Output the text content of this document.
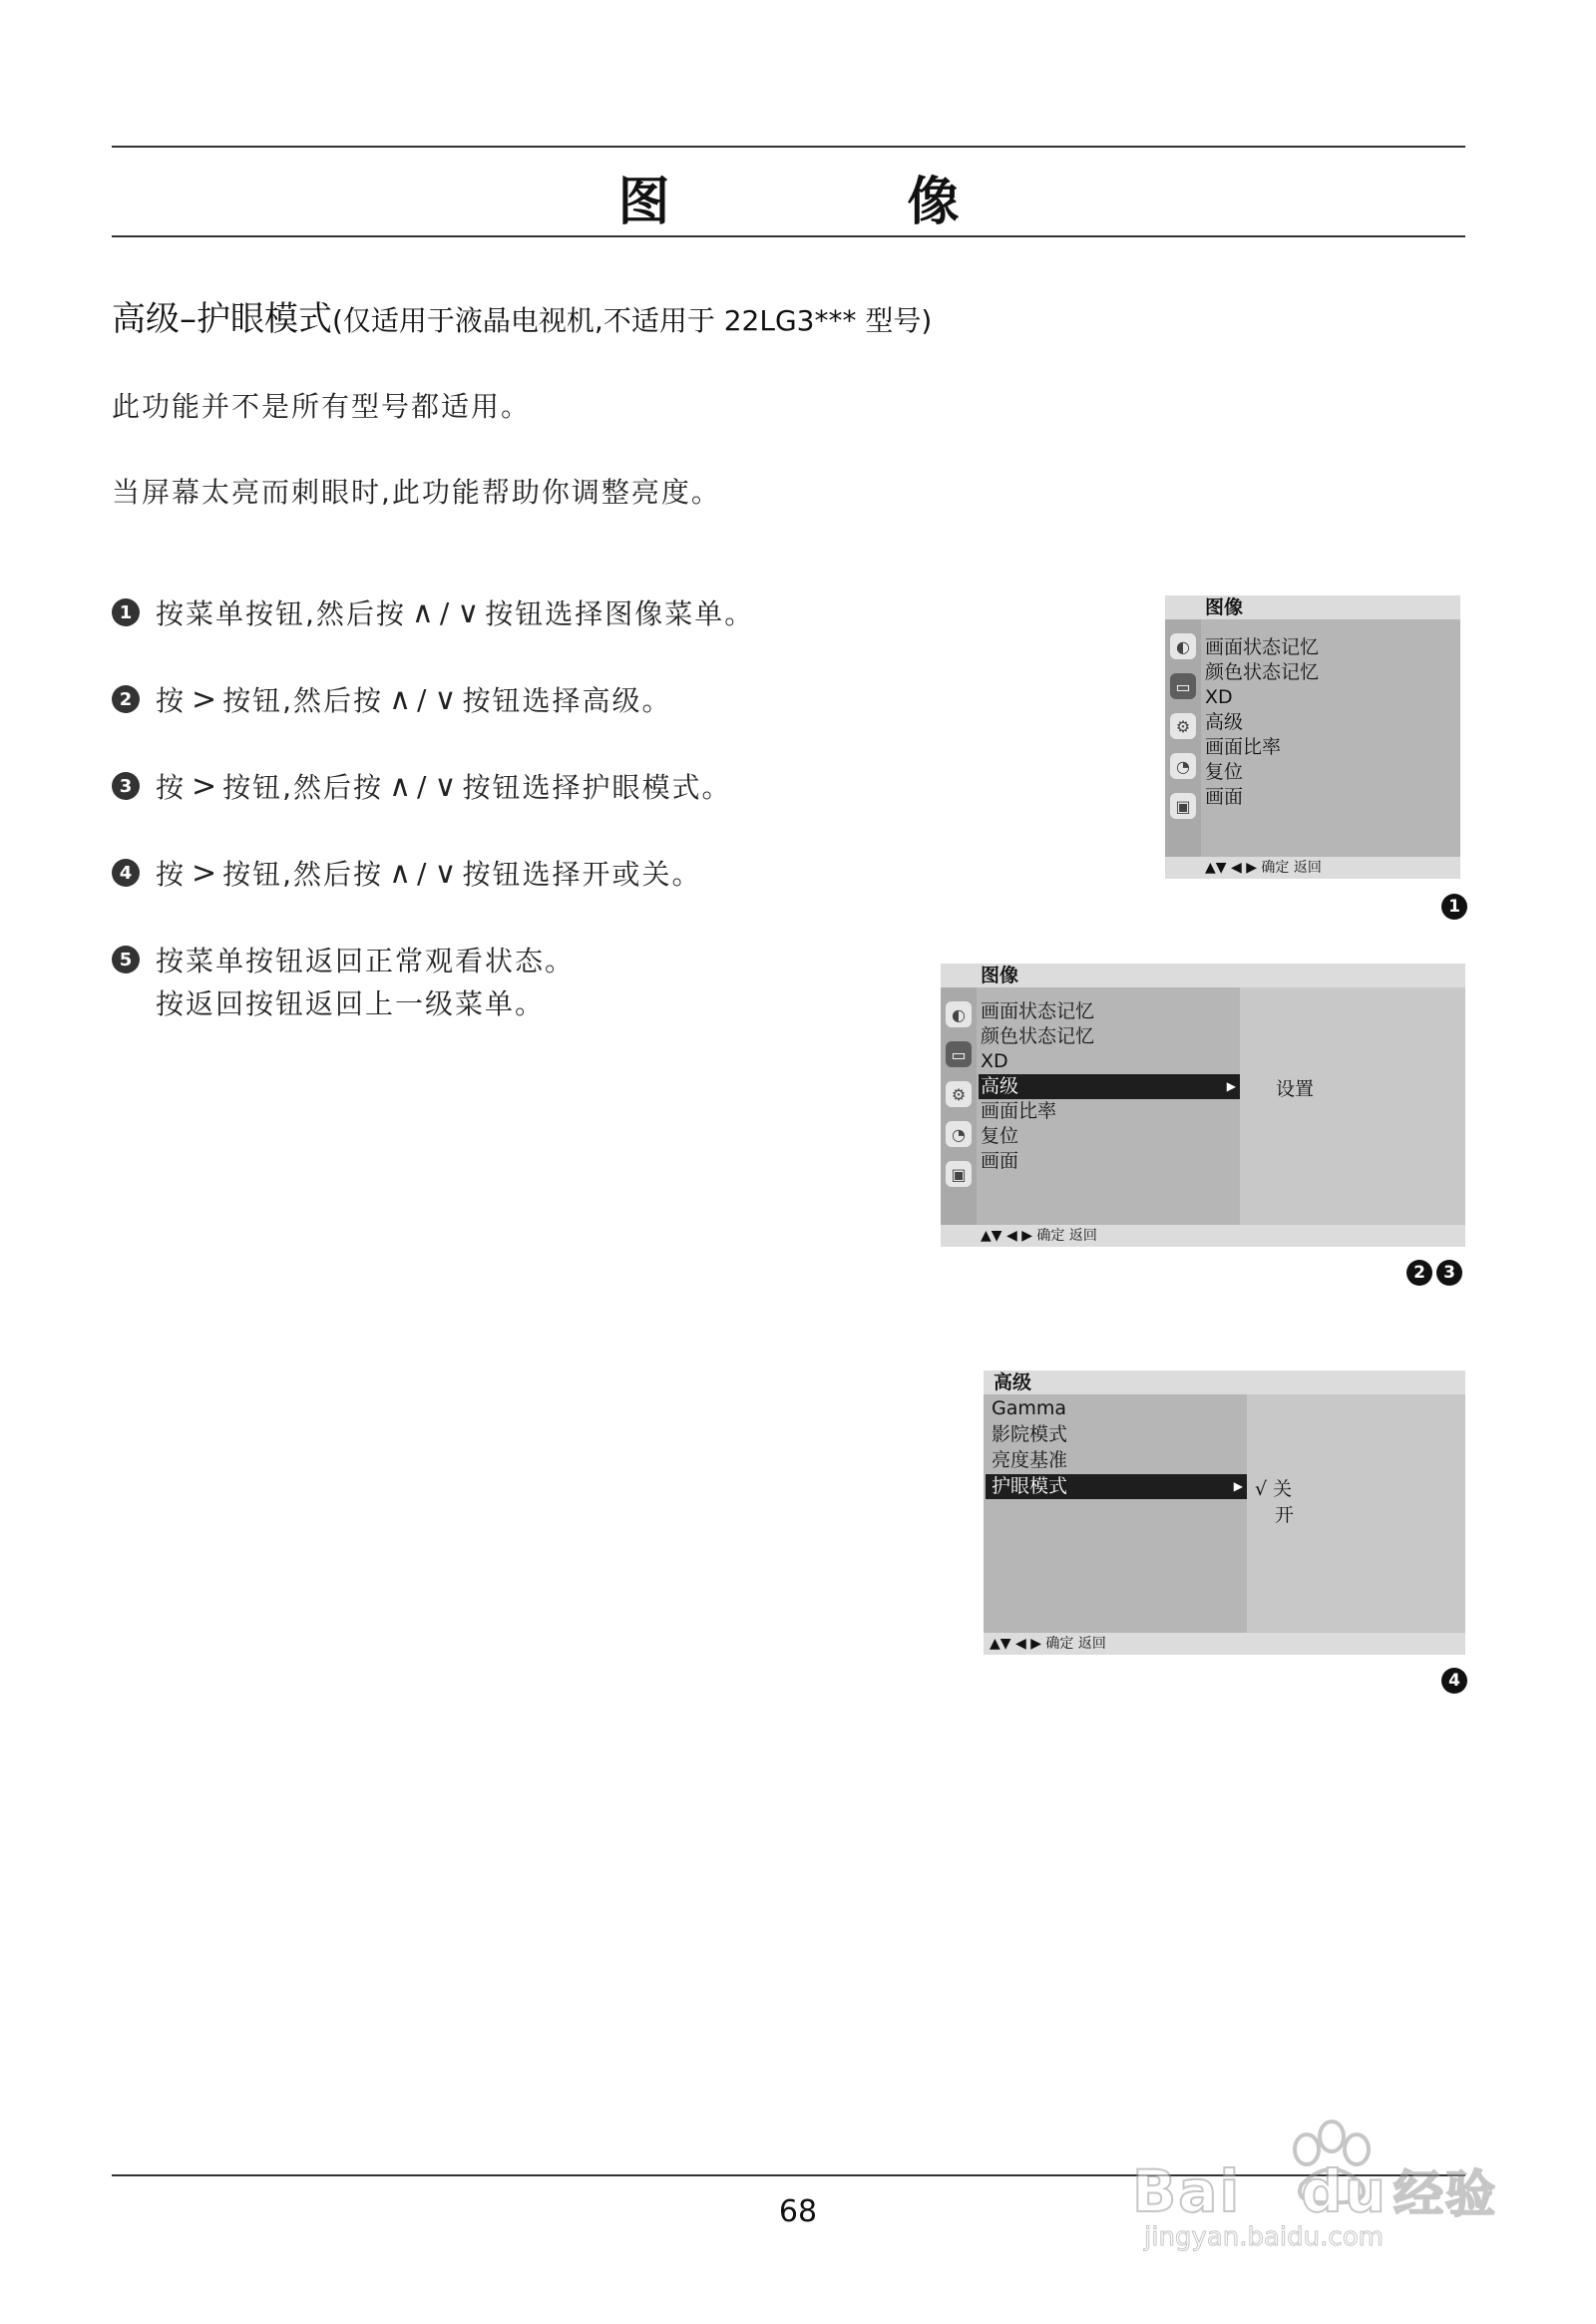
图 像
高级–护眼模式(仅适用于液晶电视机,不适用于 22LG3*** 型号)
此功能并不是所有型号都适用。
当屏幕太亮而刺眼时,此功能帮助你调整亮度。
1 按菜单按钮,然后按 ∧ / ∨ 按钮选择图像菜单。
2 按 > 按钮,然后按 ∧ / ∨ 按钮选择高级。
3 按 > 按钮,然后按 ∧ / ∨ 按钮选择护眼模式。
4 按 > 按钮,然后按 ∧ / ∨ 按钮选择开或关。
5 按菜单按钮返回正常观看状态。
按返回按钮返回上一级菜单。
图像
◐
▭
⚙
◔
▣
画面状态记忆
颜色状态记忆
XD
高级
画面比率
复位
画面
▲▼ ◀ ▶ 确定 返回
1
图像
◐
▭
⚙
◔
▣
画面状态记忆
颜色状态记忆
XD
高级	▶
画面比率
复位
画面
设置
▲▼ ◀ ▶ 确定 返回
2	3
高级
Gamma
影院模式
亮度基准
护眼模式	▶ √ 关
开
▲▼ ◀ ▶ 确定 返回
4
68	Bai du 经验
jingyan.baidu.com
